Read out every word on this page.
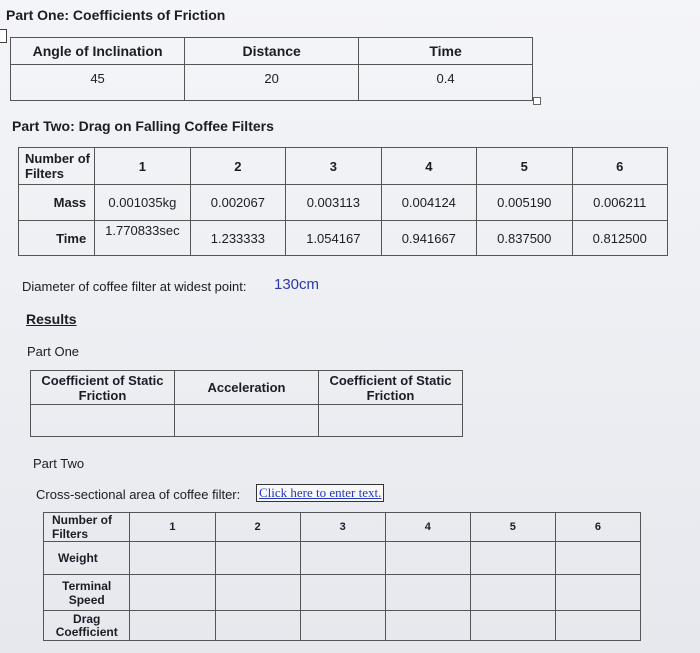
Part One: Coefficients of Friction
Angle of Inclination	Distance	Time
45	20	0.4
Part Two: Drag on Falling Coffee Filters
Number of Filters	1	2	3	4	5	6
Mass	0.001035kg	0.002067	0.003113	0.004124	0.005190	0.006211
Time	1.770833sec	1.233333	1.054167	0.941667	0.837500	0.812500
Diameter of coffee filter at widest point: 130cm
Results
Part One
Coefficient of Static Friction	Acceleration	Coefficient of Static Friction

Part Two
Cross-sectional area of coffee filter: Click here to enter text.
Number of Filters	1	2	3	4	5	6
Weight						
Terminal Speed						
Drag Coefficient						
